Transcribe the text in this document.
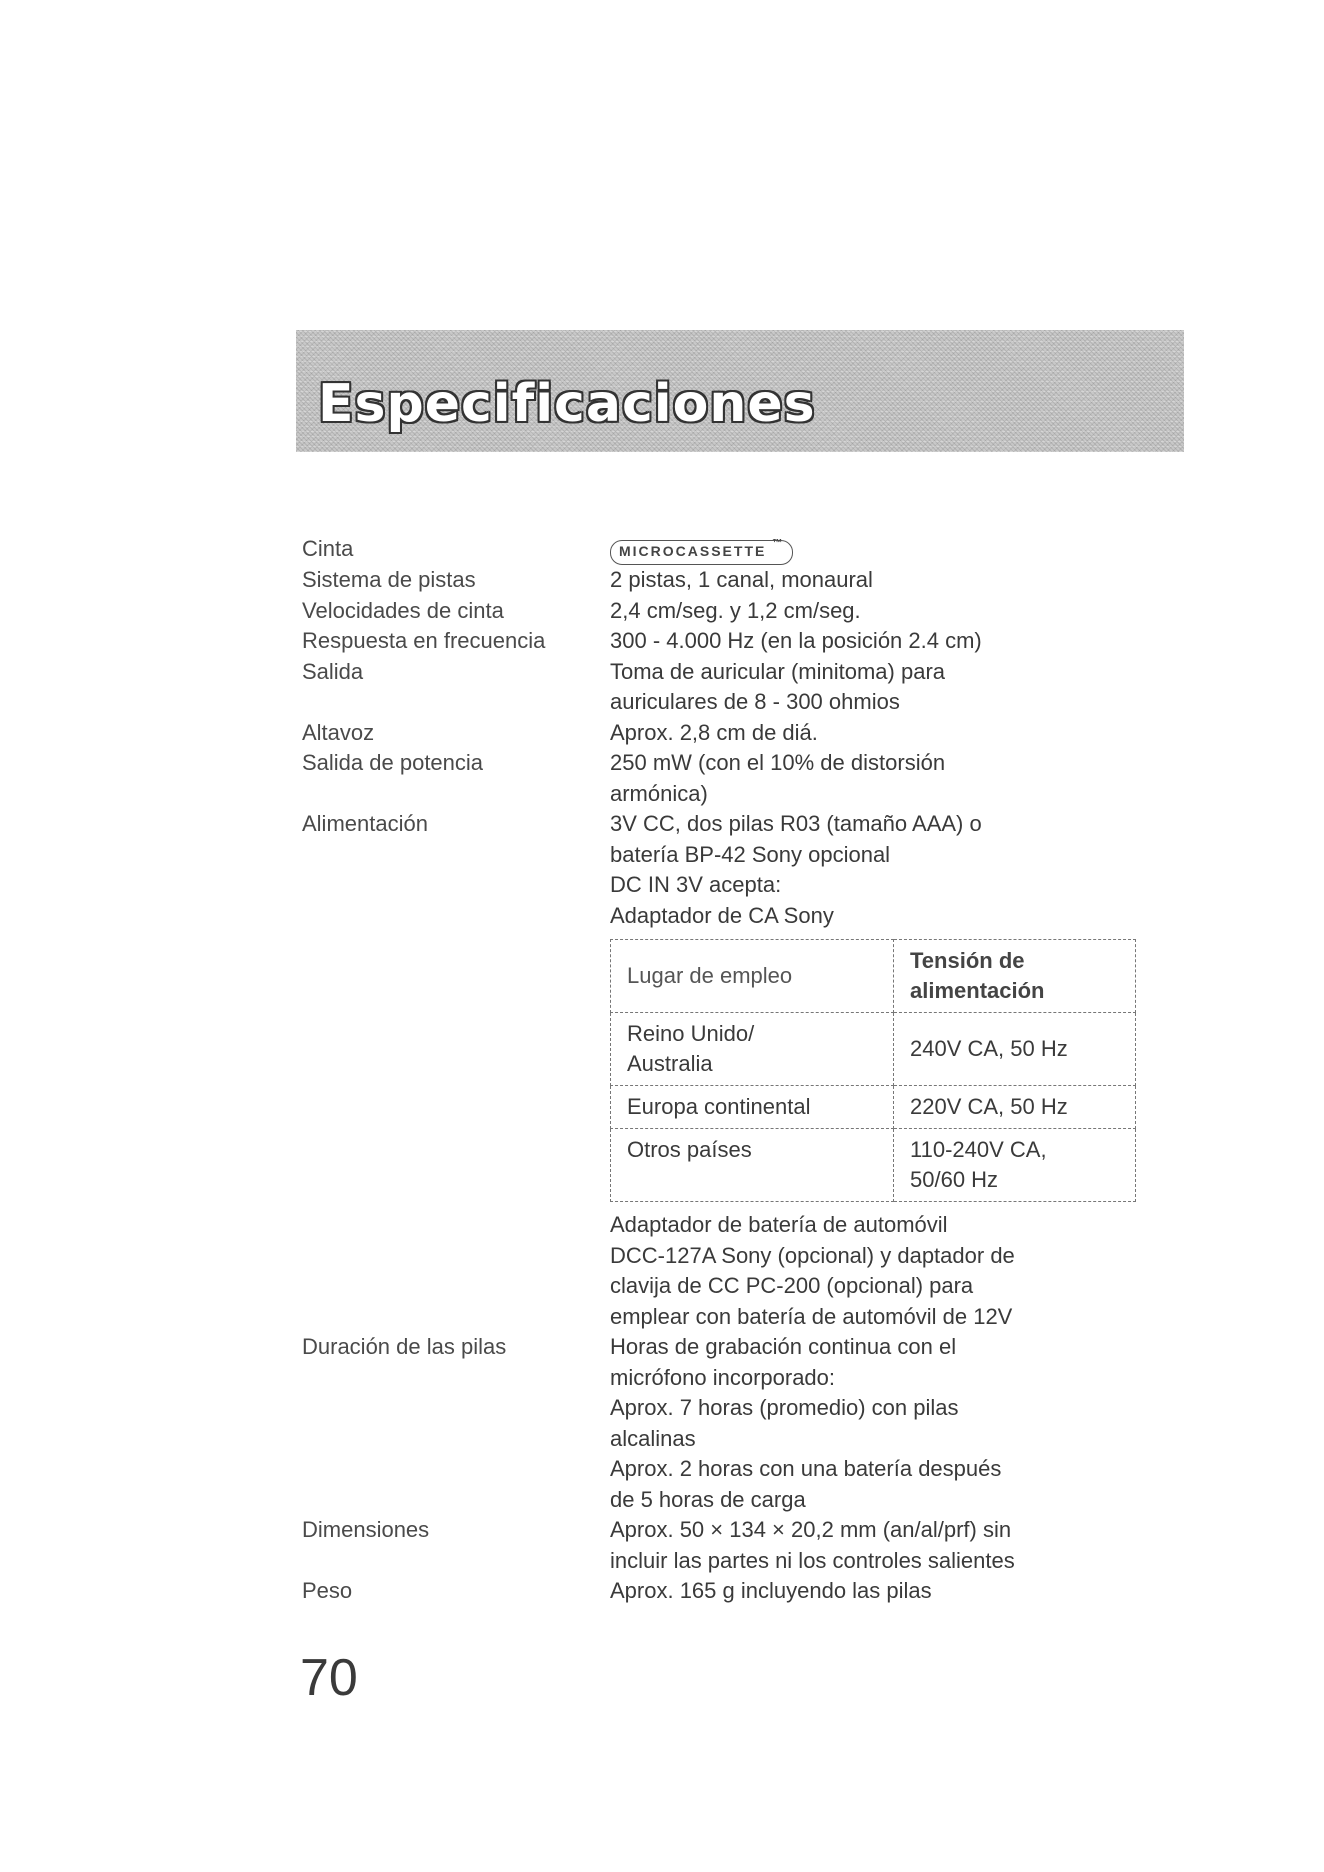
Especificaciones
Cinta	MICROCASSETTE ™
Sistema de pistas	2 pistas, 1 canal, monaural
Velocidades de cinta	2,4 cm/seg. y 1,2 cm/seg.
Respuesta en frecuencia	300 - 4.000 Hz (en la posición 2.4 cm)
Salida	Toma de auricular (minitoma) para
auriculares de 8 - 300 ohmios
Altavoz	Aprox. 2,8 cm de diá.
Salida de potencia	250 mW (con el 10% de distorsión
armónica)
Alimentación	3V CC, dos pilas R03 (tamaño AAA) o
batería BP-42 Sony opcional
DC IN 3V acepta:
Adaptador de CA Sony
Lugar de empleo	Tensión de
alimentación

Reino Unido/
Australia	240V CA, 50 Hz

Europa continental	220V CA, 50 Hz

Otros países	110-240V CA,
50/60 Hz
Adaptador de batería de automóvil
DCC-127A Sony (opcional) y daptador de
clavija de CC PC-200 (opcional) para
emplear con batería de automóvil de 12V
Duración de las pilas	Horas de grabación continua con el
micrófono incorporado:
Aprox. 7 horas (promedio) con pilas
alcalinas
Aprox. 2 horas con una batería después
de 5 horas de carga
Dimensiones	Aprox. 50 × 134 × 20,2 mm (an/al/prf) sin
incluir las partes ni los controles salientes
Peso	Aprox. 165 g incluyendo las pilas
70
